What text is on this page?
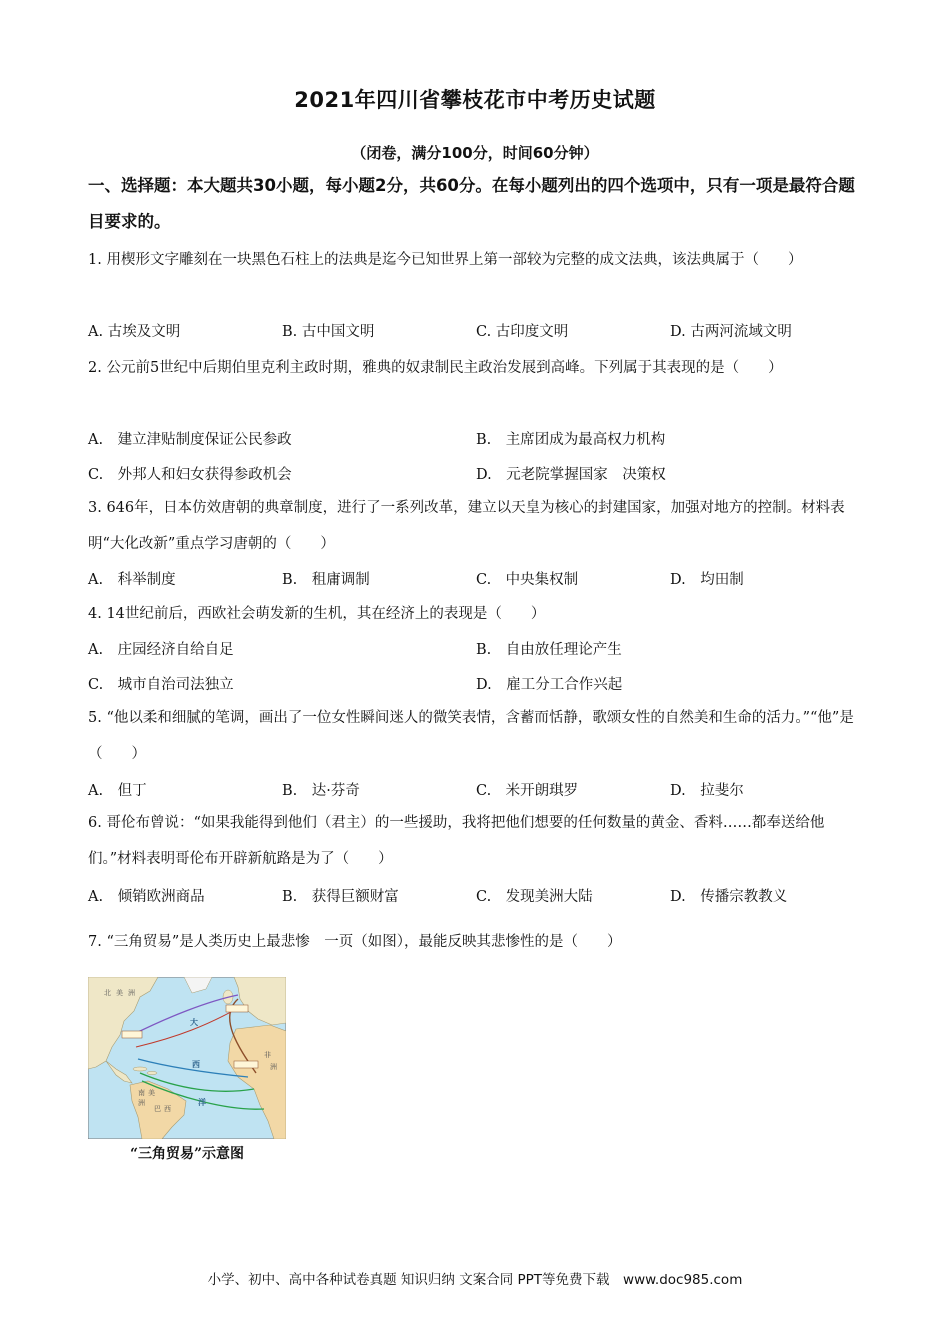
2021年四川省攀枝花市中考历史试题
（闭卷，满分100分，时间60分钟）
一、选择题：本大题共30小题，每小题2分，共60分。在每小题列出的四个选项中，只有一项是最符合题目要求的。
1. 用楔形文字雕刻在一块黑色石柱上的法典是迄今已知世界上第一部较为完整的成文法典，该法典属于（　　）
A. 古埃及文明	B. 古中国文明	C. 古印度文明	D. 古两河流域文明
2. 公元前5世纪中后期伯里克利主政时期，雅典的奴隶制民主政治发展到高峰。下列属于其表现的是（　　）
A.　建立津贴制度保证公民参政	B.　主席团成为最高权力机构
C.　外邦人和妇女获得参政机会	D.　元老院掌握国家　决策权
3. 646年，日本仿效唐朝的典章制度，进行了一系列改革，建立以天皇为核心的封建国家，加强对地方的控制。材料表明“大化改新”重点学习唐朝的（　　）
A.　科举制度	B.　租庸调制	C.　中央集权制	D.　均田制
4. 14世纪前后，西欧社会萌发新的生机，其在经济上的表现是（　　）
A.　庄园经济自给自足	B.　自由放任理论产生
C.　城市自治司法独立	D.　雇工分工合作兴起
5. “他以柔和细腻的笔调，画出了一位女性瞬间迷人的微笑表情，含蓄而恬静，歌颂女性的自然美和生命的活力。”“他”是（　　）
A.　但丁	B.　达·芬奇	C.　米开朗琪罗	D.　拉斐尔
6. 哥伦布曾说：“如果我能得到他们（君主）的一些援助，我将把他们想要的任何数量的黄金、香料……都奉送给他们。”材料表明哥伦布开辟新航路是为了（　　）
A.　倾销欧洲商品	B.　获得巨额财富	C.　发现美洲大陆	D.　传播宗教教义
7. “三角贸易”是人类历史上最悲惨　一页（如图），最能反映其悲惨性的是（　　）
北 美 洲
大
西
洋
南 美
洲
巴 西
非
洲
“三角贸易”示意图
小学、初中、高中各种试卷真题 知识归纳 文案合同 PPT等免费下载　www.doc985.com
